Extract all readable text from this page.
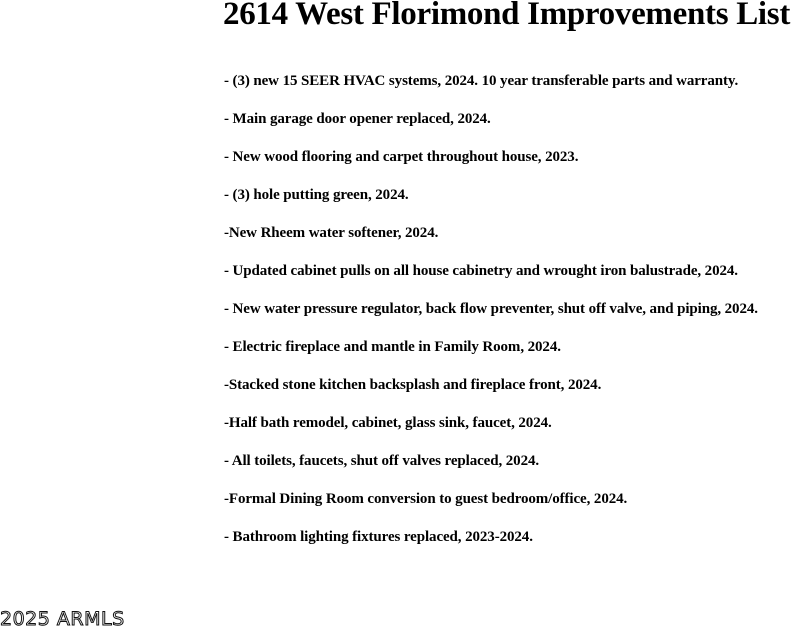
2614 West Florimond Improvements List
- (3) new 15 SEER HVAC systems, 2024. 10 year transferable parts and warranty.
- Main garage door opener replaced, 2024.
- New wood flooring and carpet throughout house, 2023.
- (3) hole putting green, 2024.
-New Rheem water softener, 2024.
- Updated cabinet pulls on all house cabinetry and wrought iron balustrade, 2024.
- New water pressure regulator, back flow preventer, shut off valve, and piping, 2024.
- Electric fireplace and mantle in Family Room, 2024.
-Stacked stone kitchen backsplash and fireplace front, 2024.
-Half bath remodel, cabinet, glass sink, faucet, 2024.
- All toilets, faucets, shut off valves replaced, 2024.
-Formal Dining Room conversion to guest bedroom/office, 2024.
- Bathroom lighting fixtures replaced, 2023-2024.
2025 ARMLS
